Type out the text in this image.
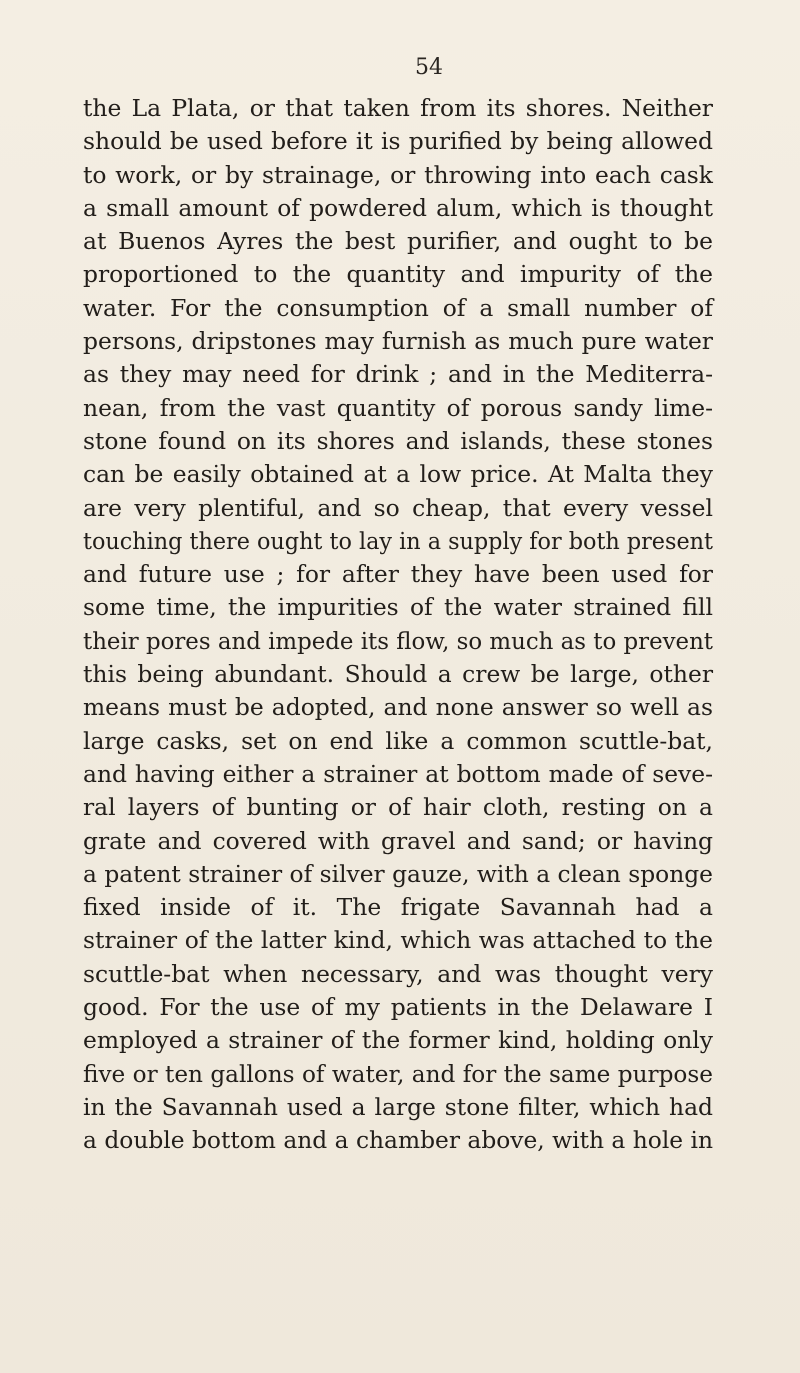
54
the La Plata, or that taken from its shores. Neither
should be used before it is purified by being allowed
to work, or by strainage, or throwing into each cask
a small amount of powdered alum, which is thought
at Buenos Ayres the best purifier, and ought to be
proportioned to the quantity and impurity of the
water. For the consumption of a small number of
persons, dripstones may furnish as much pure water
as they may need for drink ; and in the Mediterra-
nean, from the vast quantity of porous sandy lime-
stone found on its shores and islands, these stones
can be easily obtained at a low price. At Malta they
are very plentiful, and so cheap, that every vessel
touching there ought to lay in a supply for both present
and future use ; for after they have been used for
some time, the impurities of the water strained fill
their pores and impede its flow, so much as to prevent
this being abundant. Should a crew be large, other
means must be adopted, and none answer so well as
large casks, set on end like a common scuttle-bat,
and having either a strainer at bottom made of seve-
ral layers of bunting or of hair cloth, resting on a
grate and covered with gravel and sand; or having
a patent strainer of silver gauze, with a clean sponge
fixed inside of it. The frigate Savannah had a
strainer of the latter kind, which was attached to the
scuttle-bat when necessary, and was thought very
good. For the use of my patients in the Delaware I
employed a strainer of the former kind, holding only
five or ten gallons of water, and for the same purpose
in the Savannah used a large stone filter, which had
a double bottom and a chamber above, with a hole in
